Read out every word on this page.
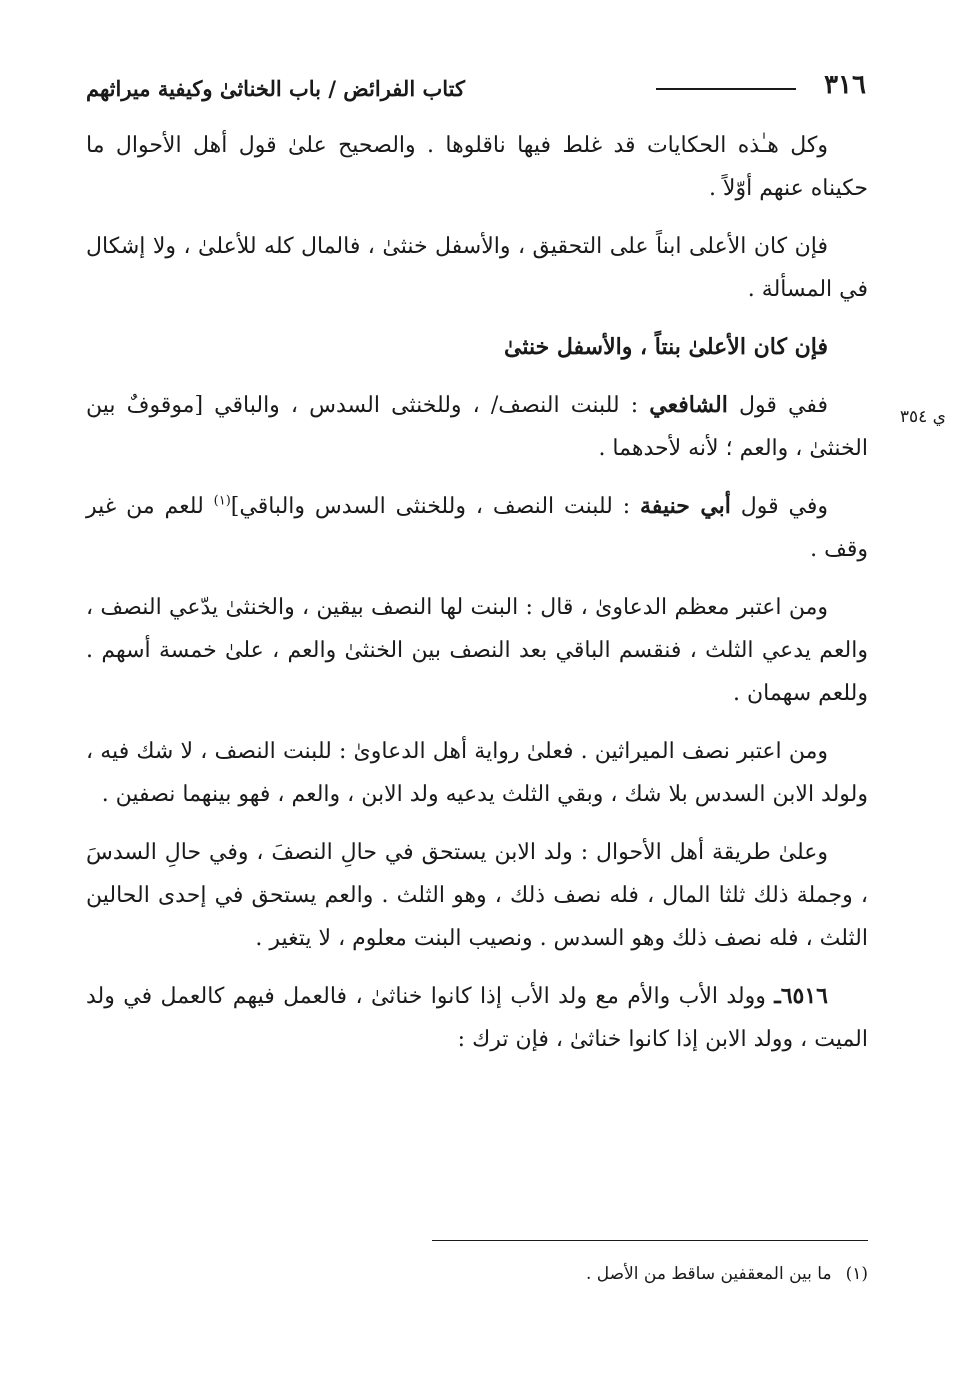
٣١٦
كتاب الفرائض / باب الخناثىٰ وكيفية ميراثهم
ي ٣٥٤

وكل هـٰذه الحكايات قد غلط فيها ناقلوها . والصحيح علىٰ قول أهل الأحوال ما حكيناه عنهم أوّلاً .

فإن كان الأعلى ابناً على التحقيق ، والأسفل خنثىٰ ، فالمال كله للأعلىٰ ، ولا إشكال في المسألة .

فإن كان الأعلىٰ بنتاً ، والأسفل خنثىٰ

ففي قول الشافعي : للبنت النصف/ ، وللخنثى السدس ، والباقي [موقوفٌ بين الخنثىٰ ، والعم ؛ لأنه لأحدهما .

وفي قول أبي حنيفة : للبنت النصف ، وللخنثى السدس والباقي]$^{(١)}$ للعم من غير وقف .

ومن اعتبر معظم الدعاوىٰ ، قال : البنت لها النصف بيقين ، والخنثىٰ يدّعي النصف ، والعم يدعي الثلث ، فنقسم الباقي بعد النصف بين الخنثىٰ والعم ، علىٰ خمسة أسهم . وللعم سهمان .

ومن اعتبر نصف الميراثين . فعلىٰ رواية أهل الدعاوىٰ : للبنت النصف ، لا شك فيه ، ولولد الابن السدس بلا شك ، وبقي الثلث يدعيه ولد الابن ، والعم ، فهو بينهما نصفين .

وعلىٰ طريقة أهل الأحوال : ولد الابن يستحق في حالِ النصفَ ، وفي حالِ السدسَ ، وجملة ذلك ثلثا المال ، فله نصف ذلك ، وهو الثلث . والعم يستحق في إحدى الحالين الثلث ، فله نصف ذلك وهو السدس . ونصيب البنت معلوم ، لا يتغير .

٦٥١٦ـ وولد الأب والأم مع ولد الأب إذا كانوا خناثىٰ ، فالعمل فيهم كالعمل في ولد الميت ، وولد الابن إذا كانوا خناثىٰ ، فإن ترك :

(١)ما بين المعقفين ساقط من الأصل .
